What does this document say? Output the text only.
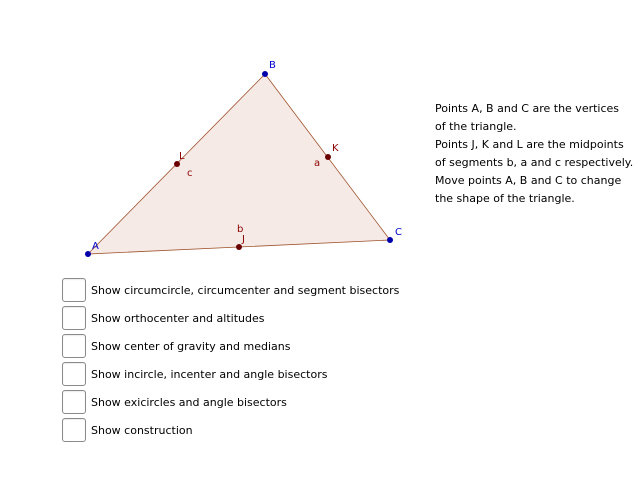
A
B
C
J
K
L
a
b
c

Points A, B and C are the vertices

of the triangle.

Points J, K and L are the midpoints

of segments b, a and c respectively.

Move points A, B and C to change

the shape of the triangle.

Show circumcircle, circumcenter and segment bisectors
Show orthocenter and altitudes
Show center of gravity and medians
Show incircle, incenter and angle bisectors
Show exicircles and angle bisectors
Show construction
